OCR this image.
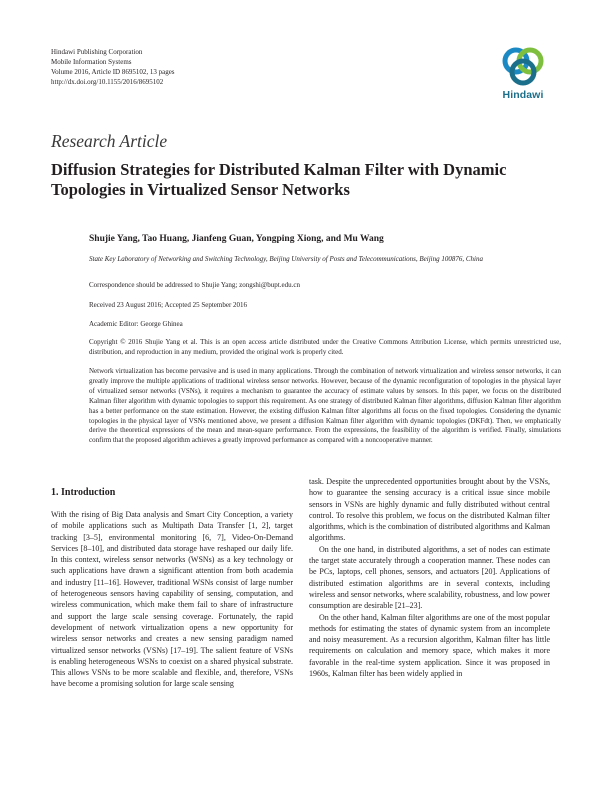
Hindawi Publishing Corporation
Mobile Information Systems
Volume 2016, Article ID 8695102, 13 pages
http://dx.doi.org/10.1155/2016/8695102
Hindawi
Research Article
Diffusion Strategies for Distributed Kalman Filter with Dynamic Topologies in Virtualized Sensor Networks
Shujie Yang, Tao Huang, Jianfeng Guan, Yongping Xiong, and Mu Wang
State Key Laboratory of Networking and Switching Technology, Beijing University of Posts and Telecommunications, Beijing 100876, China
Correspondence should be addressed to Shujie Yang; zongshi@bupt.edu.cn
Received 23 August 2016; Accepted 25 September 2016
Academic Editor: George Ghinea
Copyright © 2016 Shujie Yang et al. This is an open access article distributed under the Creative Commons Attribution License, which permits unrestricted use, distribution, and reproduction in any medium, provided the original work is properly cited.
Network virtualization has become pervasive and is used in many applications. Through the combination of network virtualization and wireless sensor networks, it can greatly improve the multiple applications of traditional wireless sensor networks. However, because of the dynamic reconfiguration of topologies in the physical layer of virtualized sensor networks (VSNs), it requires a mechanism to guarantee the accuracy of estimate values by sensors. In this paper, we focus on the distributed Kalman filter algorithm with dynamic topologies to support this requirement. As one strategy of distributed Kalman filter algorithms, diffusion Kalman filter algorithm has a better performance on the state estimation. However, the existing diffusion Kalman filter algorithms all focus on the fixed topologies. Considering the dynamic topologies in the physical layer of VSNs mentioned above, we present a diffusion Kalman filter algorithm with dynamic topologies (DKFdt). Then, we emphatically derive the theoretical expressions of the mean and mean-square performance. From the expressions, the feasibility of the algorithm is verified. Finally, simulations confirm that the proposed algorithm achieves a greatly improved performance as compared with a noncooperative manner.
1. Introduction

With the rising of Big Data analysis and Smart City Conception, a variety of mobile applications such as Multipath Data Transfer [1, 2], target tracking [3–5], environmental monitoring [6, 7], Video-On-Demand Services [8–10], and distributed data storage have reshaped our daily life. In this context, wireless sensor networks (WSNs) as a key technology or such applications have drawn a significant attention from both academia and industry [11–16]. However, traditional WSNs consist of large number of heterogeneous sensors having capability of sensing, computation, and wireless communication, which make them fail to share of infrastructure and support the large scale sensing coverage. Fortunately, the rapid development of network virtualization opens a new opportunity for wireless sensor networks and creates a new sensing paradigm named virtualized sensor networks (VSNs) [17–19]. The salient feature of VSNs is enabling heterogeneous WSNs to coexist on a shared physical substrate. This allows VSNs to be more scalable and flexible, and, therefore, VSNs have become a promising solution for large scale sensing

task. Despite the unprecedented opportunities brought about by the VSNs, how to guarantee the sensing accuracy is a critical issue since mobile sensors in VSNs are highly dynamic and fully distributed without central control. To resolve this problem, we focus on the distributed Kalman filter algorithms, which is the combination of distributed algorithms and Kalman algorithms.

On the one hand, in distributed algorithms, a set of nodes can estimate the target state accurately through a cooperation manner. These nodes can be PCs, laptops, cell phones, sensors, and actuators [20]. Applications of distributed estimation algorithms are in several contexts, including wireless and sensor networks, where scalability, robustness, and low power consumption are desirable [21–23].

On the other hand, Kalman filter algorithms are one of the most popular methods for estimating the states of dynamic system from an incomplete and noisy measurement. As a recursion algorithm, Kalman filter has little requirements on calculation and memory space, which makes it more favorable in the real-time system application. Since it was proposed in 1960s, Kalman filter has been widely applied in
